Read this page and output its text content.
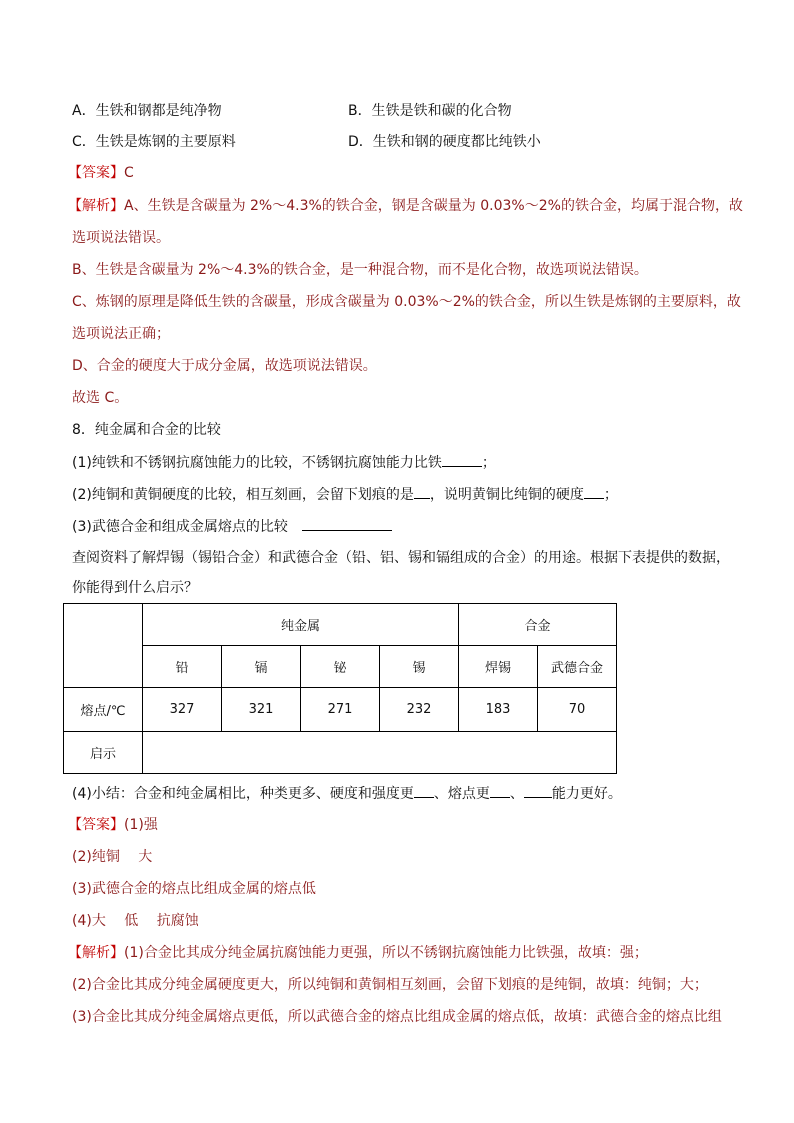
A．生铁和钢都是纯净物	B．生铁是铁和碳的化合物
C．生铁是炼钢的主要原料	D．生铁和钢的硬度都比纯铁小
【答案】C
【解析】A、生铁是含碳量为 2%～4.3%的铁合金，钢是含碳量为 0.03%～2%的铁合金，均属于混合物，故
选项说法错误。
B、生铁是含碳量为 2%～4.3%的铁合金，是一种混合物，而不是化合物，故选项说法错误。
C、炼钢的原理是降低生铁的含碳量，形成含碳量为 0.03%～2%的铁合金，所以生铁是炼钢的主要原料，故
选项说法正确；
D、合金的硬度大于成分金属，故选项说法错误。
故选 C。
8．纯金属和合金的比较
(1)纯铁和不锈钢抗腐蚀能力的比较，不锈钢抗腐蚀能力比铁	；
(2)纯铜和黄铜硬度的比较，相互刻画，会留下划痕的是 ，说明黄铜比纯铜的硬度 ；
(3)武德合金和组成金属熔点的比较
查阅资料了解焊锡（锡铅合金）和武德合金（铅、铝、锡和镉组成的合金）的用途。根据下表提供的数据，
你能得到什么启示？
	纯金属				合金	
	铅	镉	铋	锡	焊锡	武德合金
熔点/℃	327	321	271	232	183	70
启示						
(4)小结：合金和纯金属相比，种类更多、硬度和强度更 、熔点更 、 能力更好。
【答案】(1)强
(2)纯铜　 大
(3)武德合金的熔点比组成金属的熔点低
(4)大　 低　 抗腐蚀
【解析】(1)合金比其成分纯金属抗腐蚀能力更强，所以不锈钢抗腐蚀能力比铁强，故填：强；
(2)合金比其成分纯金属硬度更大，所以纯铜和黄铜相互刻画，会留下划痕的是纯铜，故填：纯铜；大；
(3)合金比其成分纯金属熔点更低，所以武德合金的熔点比组成金属的熔点低，故填：武德合金的熔点比组
